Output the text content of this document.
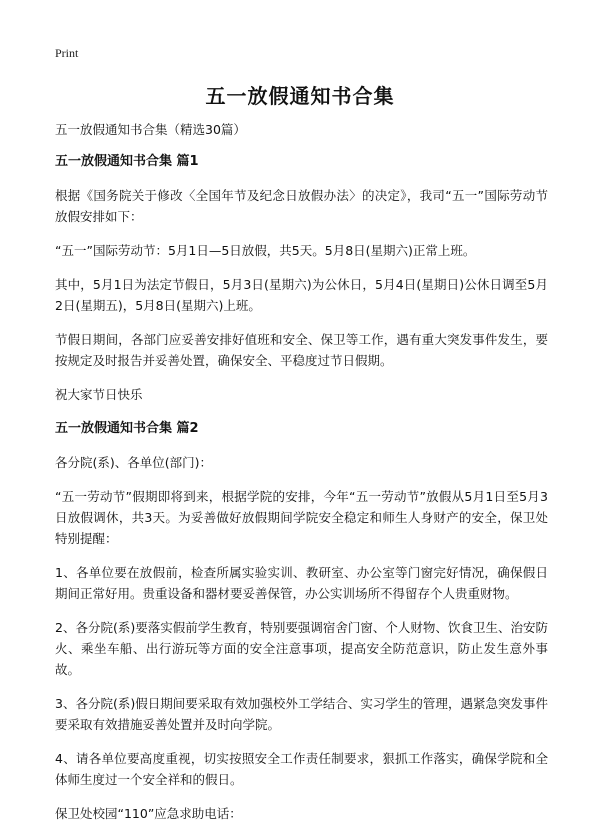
Print
五一放假通知书合集

五一放假通知书合集（精选30篇）

五一放假通知书合集 篇1

根据《国务院关于修改〈全国年节及纪念日放假办法〉的决定》，我司“五一”国际劳动节放假安排如下：

“五一”国际劳动节：5月1日—5日放假，共5天。5月8日(星期六)正常上班。

其中，5月1日为法定节假日，5月3日(星期六)为公休日，5月4日(星期日)公休日调至5月2日(星期五)，5月8日(星期六)上班。

节假日期间，各部门应妥善安排好值班和安全、保卫等工作，遇有重大突发事件发生，要按规定及时报告并妥善处置，确保安全、平稳度过节日假期。

祝大家节日快乐

五一放假通知书合集 篇2

各分院(系)、各单位(部门)：

“五一劳动节”假期即将到来，根据学院的安排，今年“五一劳动节”放假从5月1日至5月3日放假调休，共3天。为妥善做好放假期间学院安全稳定和师生人身财产的安全，保卫处特别提醒：

1、各单位要在放假前，检查所属实验实训、教研室、办公室等门窗完好情况，确保假日期间正常好用。贵重设备和器材要妥善保管，办公实训场所不得留存个人贵重财物。

2、各分院(系)要落实假前学生教育，特别要强调宿舍门窗、个人财物、饮食卫生、治安防火、乘坐车船、出行游玩等方面的安全注意事项，提高安全防范意识，防止发生意外事故。

3、各分院(系)假日期间要采取有效加强校外工学结合、实习学生的管理，遇紧急突发事件要采取有效措施妥善处置并及时向学院。

4、请各单位要高度重视，切实按照安全工作责任制要求，狠抓工作落实，确保学院和全体师生度过一个安全祥和的假日。

保卫处校园“110”应急求助电话：
